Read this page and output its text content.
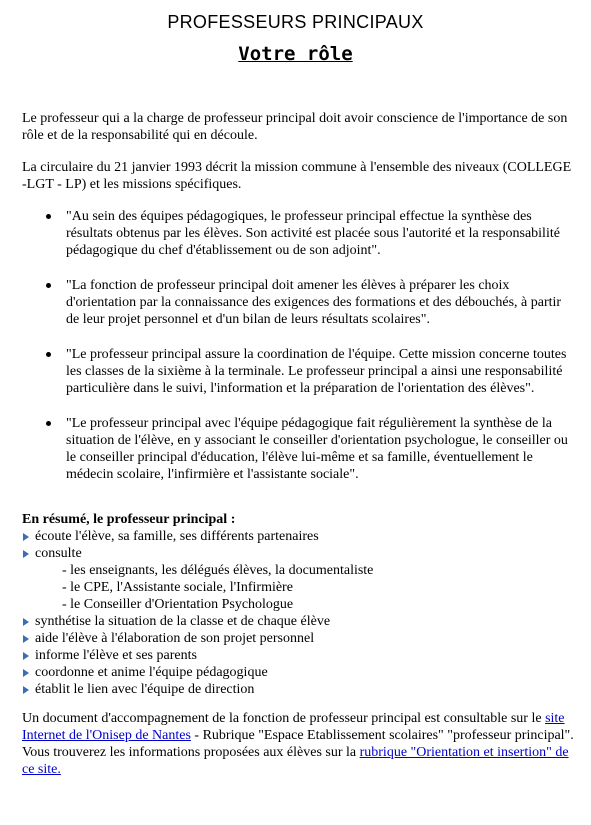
PROFESSEURS PRINCIPAUX
Votre rôle

Le professeur qui a la charge de professeur principal doit avoir conscience de l'importance de son rôle et de la responsabilité qui en découle.

La circulaire du 21 janvier 1993 décrit la mission commune à l'ensemble des niveaux (COLLEGE -LGT - LP) et les missions spécifiques.

"Au sein des équipes pédagogiques, le professeur principal effectue la synthèse des résultats obtenus par les élèves. Son activité est placée sous l'autorité et la responsabilité pédagogique du chef d'établissement ou de son adjoint".
"La fonction de professeur principal doit amener les élèves à préparer les choix d'orientation par la connaissance des exigences des formations et des débouchés, à partir de leur projet personnel et d'un bilan de leurs résultats scolaires".
"Le professeur principal assure la coordination de l'équipe. Cette mission concerne toutes les classes de la sixième à la terminale. Le professeur principal a ainsi une responsabilité particulière dans le suivi, l'information et la préparation de l'orientation des élèves".
"Le professeur principal avec l'équipe pédagogique fait régulièrement la synthèse de la situation de l'élève, en y associant le conseiller d'orientation psychologue, le conseiller ou le conseiller principal d'éducation, l'élève lui-même et sa famille, éventuellement le médecin scolaire, l'infirmière et l'assistante sociale".
En résumé, le professeur principal :
écoute l'élève, sa famille, ses différents partenaires
consulte
- les enseignants, les délégués élèves, la documentaliste
- le CPE, l'Assistante sociale, l'Infirmière
- le Conseiller d'Orientation Psychologue
synthétise la situation de la classe et de chaque élève
aide l'élève à l'élaboration de son projet personnel
informe l'élève et ses parents
coordonne et anime l'équipe pédagogique
établit le lien avec l'équipe de direction

Un document d'accompagnement de la fonction de professeur principal est consultable sur le site Internet de l'Onisep de Nantes - Rubrique "Espace Etablissement scolaires" "professeur principal".

Vous trouverez les informations proposées aux élèves sur la rubrique "Orientation et insertion" de ce site.
